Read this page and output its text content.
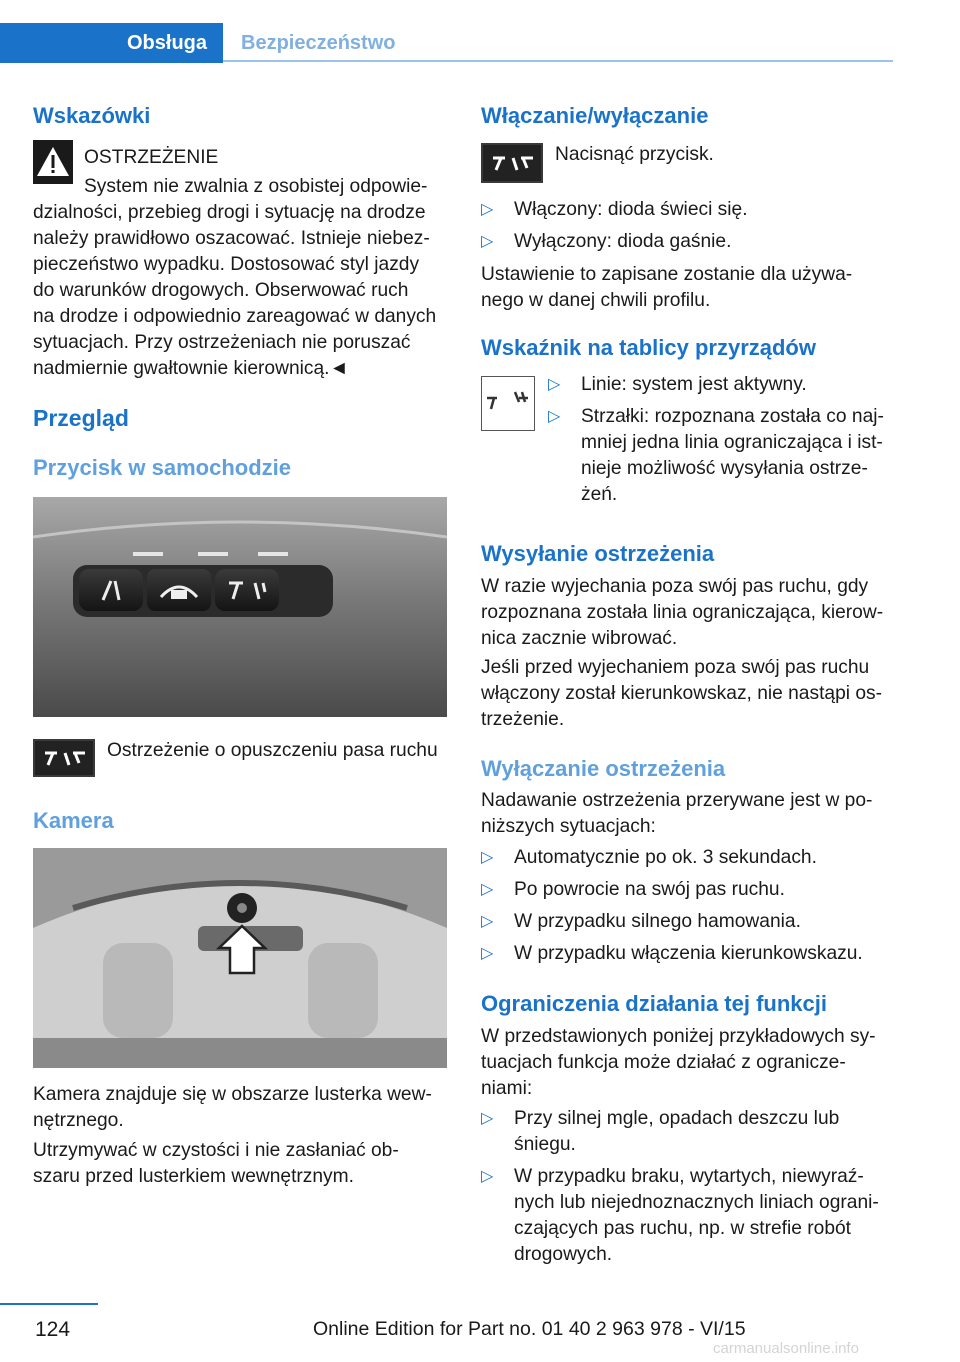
Obsługa Bezpieczeństwo
Wskazówki
OSTRZEŻENIE
System nie zwalnia z osobistej odpowie-
dzialności, przebieg drogi i sytuację na drodze
należy prawidłowo oszacować. Istnieje niebez-
pieczeństwo wypadku. Dostosować styl jazdy
do warunków drogowych. Obserwować ruch
na drodze i odpowiednio zareagować w danych
sytuacjach. Przy ostrzeżeniach nie poruszać
nadmiernie gwałtownie kierownicą.◄
Przegląd
Przycisk w samochodzie
Ostrzeżenie o opuszczeniu pasa ruchu
Kamera
Kamera znajduje się w obszarze lusterka wew-
nętrznego.
Utrzymywać w czystości i nie zasłaniać ob-
szaru przed lusterkiem wewnętrznym.
Włączanie/wyłączanie
Nacisnąć przycisk.
▷ Włączony: dioda świeci się.
▷ Wyłączony: dioda gaśnie.
Ustawienie to zapisane zostanie dla używa-
nego w danej chwili profilu.
Wskaźnik na tablicy przyrządów
▷ Linie: system jest aktywny.
▷ Strzałki: rozpoznana została co naj-
mniej jedna linia ograniczająca i ist-
nieje możliwość wysyłania ostrze-
żeń.
Wysyłanie ostrzeżenia
W razie wyjechania poza swój pas ruchu, gdy
rozpoznana została linia ograniczająca, kierow-
nica zacznie wibrować.
Jeśli przed wyjechaniem poza swój pas ruchu
włączony został kierunkowskaz, nie nastąpi os-
trzeżenie.
Wyłączanie ostrzeżenia
Nadawanie ostrzeżenia przerywane jest w po-
niższych sytuacjach:
▷ Automatycznie po ok. 3 sekundach.
▷ Po powrocie na swój pas ruchu.
▷ W przypadku silnego hamowania.
▷ W przypadku włączenia kierunkowskazu.
Ograniczenia działania tej funkcji
W przedstawionych poniżej przykładowych sy-
tuacjach funkcja może działać z ogranicze-
niami:
▷ Przy silnej mgle, opadach deszczu lub
śniegu.
▷ W przypadku braku, wytartych, niewyraź-
nych lub niejednoznacznych liniach ograni-
czających pas ruchu, np. w strefie robót
drogowych.
124	Online Edition for Part no. 01 40 2 963 978 - VI/15
carmanualsonline.info
